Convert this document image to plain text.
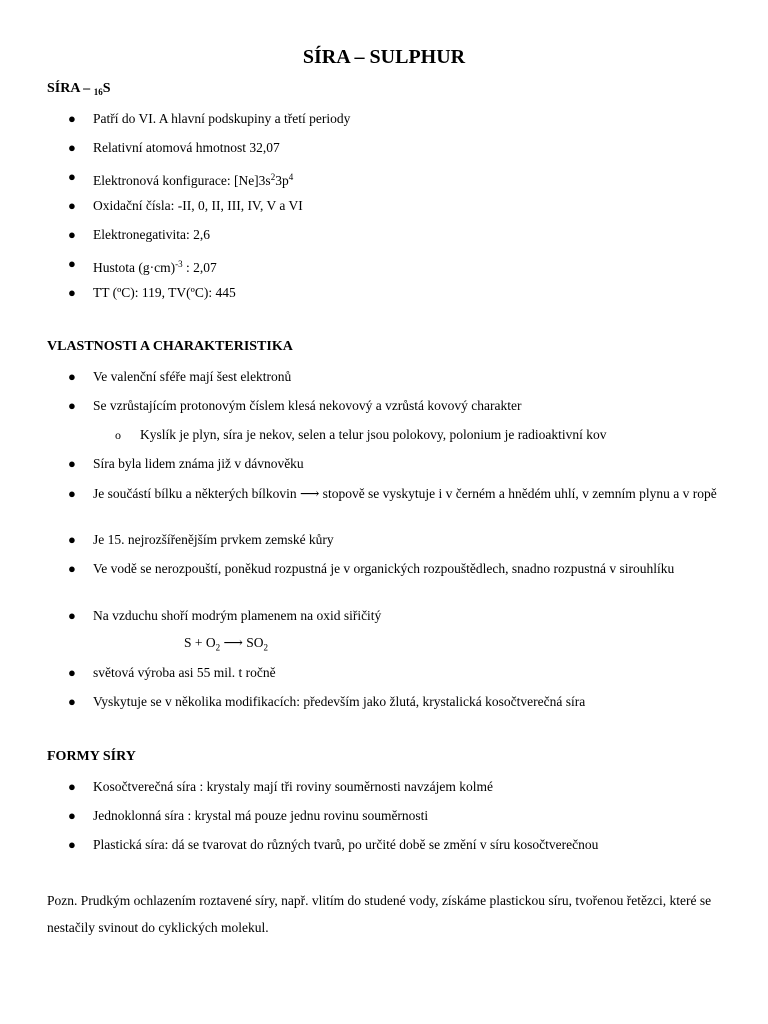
SÍRA – SULPHUR
SÍRA – $_{16}$S
● Patří do VI. A hlavní podskupiny a třetí periody
● Relativní atomová hmotnost 32,07
● Elektronová konfigurace: $[Ne]3s^23p^4$
● Oxidační čísla: -II, 0, II, III, IV, V a VI
● Elektronegativita: 2,6
● Hustota $(g\cdot cm)^{-3}$ : 2,07
● TT (ºC): 119, TV(ºC): 445
VLASTNOSTI A CHARAKTERISTIKA
● Ve valenční sféře mají šest elektronů
● Se vzrůstajícím protonovým číslem klesá nekovový a vzrůstá kovový charakter
o Kyslík je plyn, síra je nekov, selen a telur jsou polokovy, polonium je radioaktivní kov
● Síra byla lidem známa již v dávnověku
● Je součástí bílku a některých bílkovin ⟶ stopově se vyskytuje i v černém a hnědém uhlí, v zemním plynu a v ropě
● Je 15. nejrozšířenějším prvkem zemské kůry
● Ve vodě se nerozpouští, poněkud rozpustná je v organických rozpouštědlech, snadno rozpustná v sirouhlíku
● Na vzduchu shoří modrým plamenem na oxid siřičitý
$S + O_2$ ⟶ $SO_2$
● světová výroba asi 55 mil. t ročně
● Vyskytuje se v několika modifikacích: především jako žlutá, krystalická kosočtverečná síra
FORMY SÍRY
● Kosočtverečná síra : krystaly mají tři roviny souměrnosti navzájem kolmé
● Jednoklonná síra : krystal má pouze jednu rovinu souměrnosti
● Plastická síra: dá se tvarovat do různých tvarů, po určité době se změní v síru kosočtverečnou
Pozn. Prudkým ochlazením roztavené síry, např. vlitím do studené vody, získáme plastickou síru, tvořenou řetězci, které se nestačily svinout do cyklických molekul.
